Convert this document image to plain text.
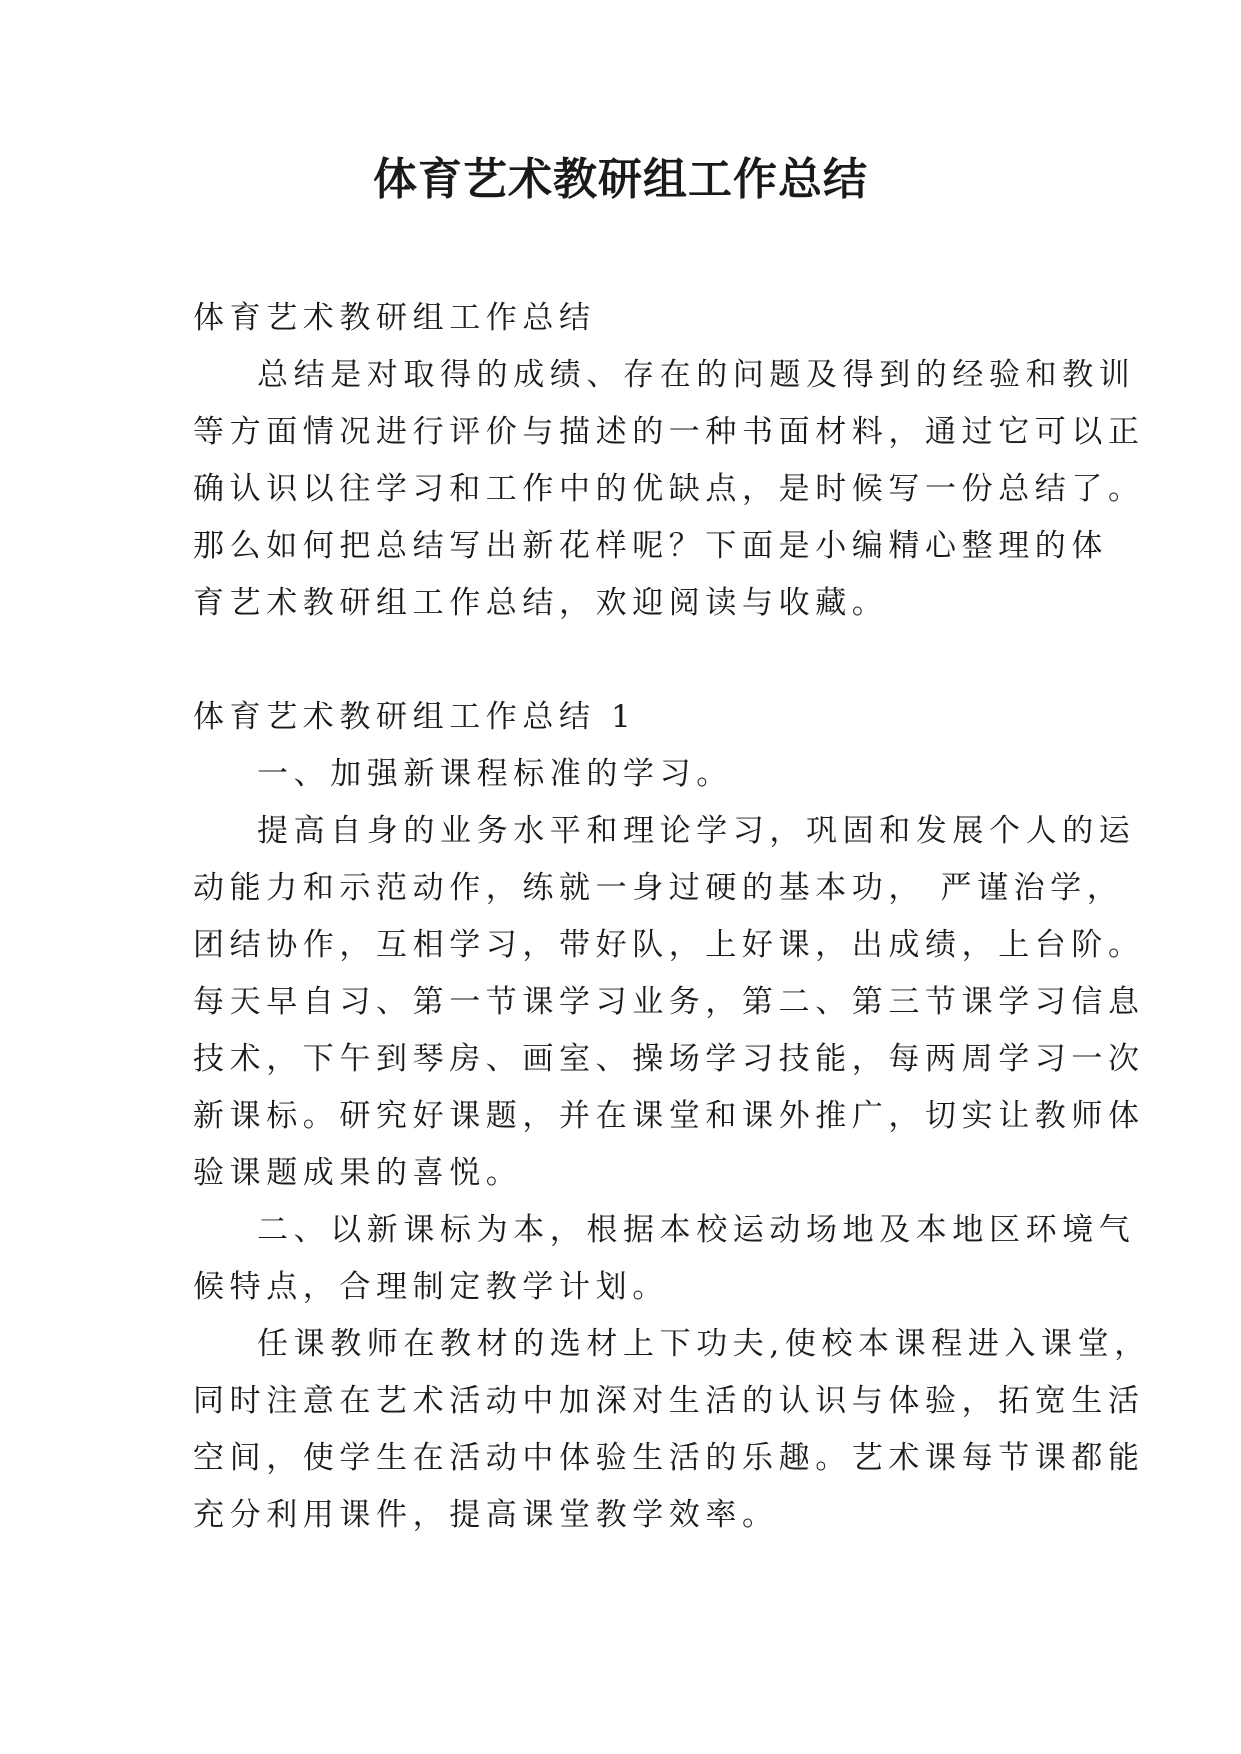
体育艺术教研组工作总结
体育艺术教研组工作总结
总结是对取得的成绩、存在的问题及得到的经验和教训
等方面情况进行评价与描述的一种书面材料，通过它可以正
确认识以往学习和工作中的优缺点，是时候写一份总结了。
那么如何把总结写出新花样呢？下面是小编精心整理的体
育艺术教研组工作总结，欢迎阅读与收藏。
体育艺术教研组工作总结 1
一、加强新课程标准的学习。
提高自身的业务水平和理论学习，巩固和发展个人的运
动能力和示范动作，练就一身过硬的基本功， 严谨治学，
团结协作，互相学习，带好队，上好课，出成绩，上台阶。
每天早自习、第一节课学习业务，第二、第三节课学习信息
技术，下午到琴房、画室、操场学习技能，每两周学习一次
新课标。研究好课题，并在课堂和课外推广，切实让教师体
验课题成果的喜悦。
二、以新课标为本，根据本校运动场地及本地区环境气
候特点，合理制定教学计划。
任课教师在教材的选材上下功夫,使校本课程进入课堂，
同时注意在艺术活动中加深对生活的认识与体验，拓宽生活
空间，使学生在活动中体验生活的乐趣。艺术课每节课都能
充分利用课件，提高课堂教学效率。
